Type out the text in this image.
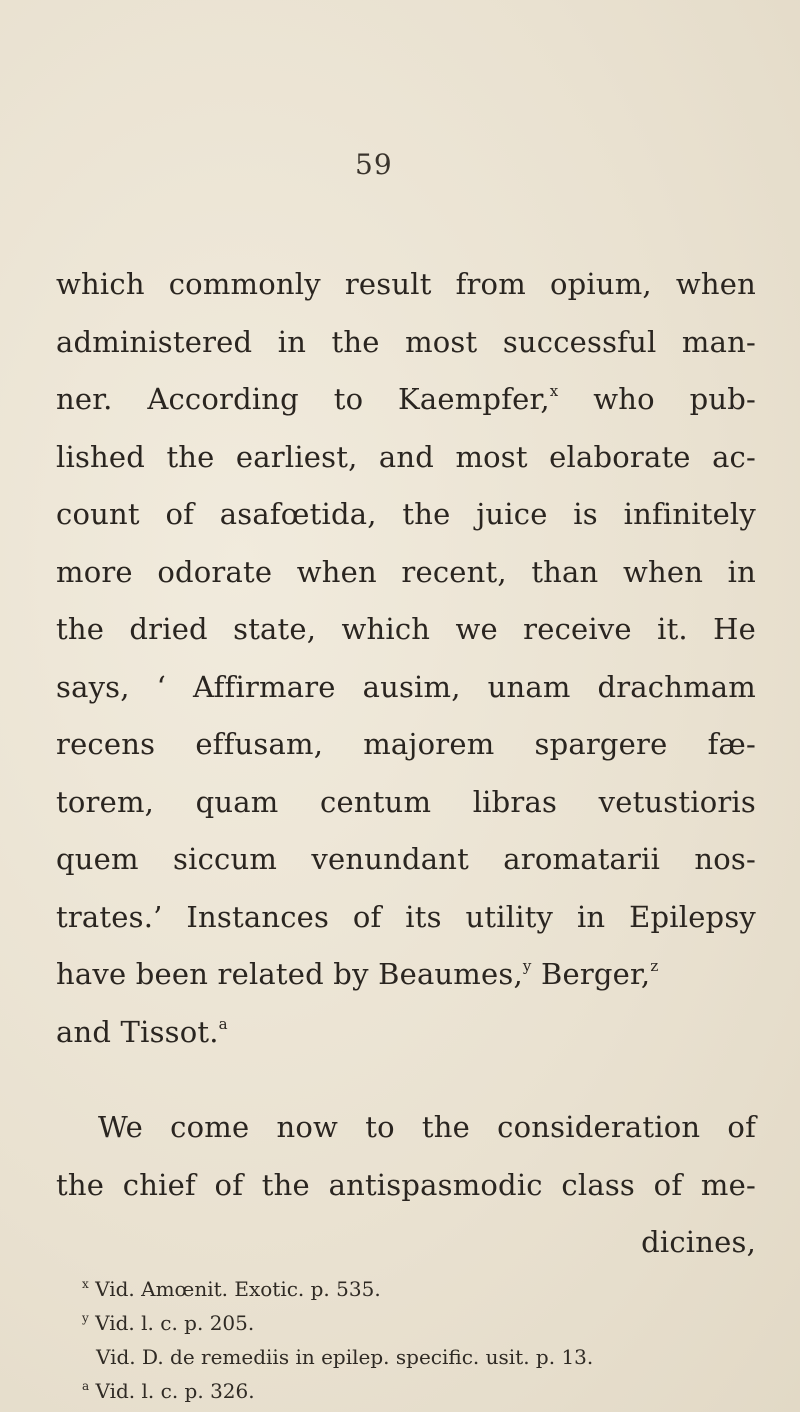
59
which commonly result from opium, when
administered in the most successful man-
ner. According to Kaempfer,$^x$ who pub-
lished the earliest, and most elaborate ac-
count of asafœtida, the juice is infinitely
more odorate when recent, than when in
the dried state, which we receive it. He
says, ‘ Affirmare ausim, unam drachmam
recens effusam, majorem spargere fæ-
torem, quam centum libras vetustioris
quem siccum venundant aromatarii nos-
trates.’ Instances of its utility in Epilepsy
have been related by Beaumes,$^y$ Berger,$^z$
and Tissot.$^a$
We come now to the consideration of
the chief of the antispasmodic class of me-
dicines,
$^x$ Vid. Amœnit. Exotic. p. 535.
$^y$ Vid. l. c. p. 205.
Vid. D. de remediis in epilep. specific. usit. p. 13.
$^a$ Vid. l. c. p. 326.
